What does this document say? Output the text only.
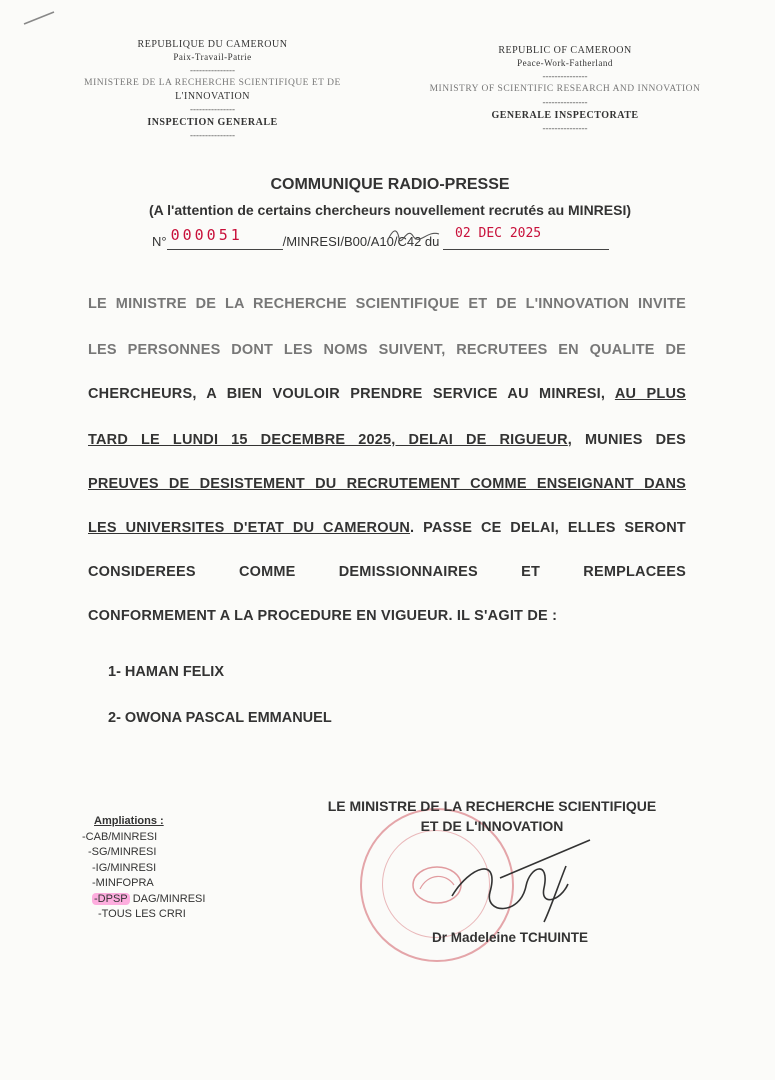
REPUBLIQUE DU CAMEROUN
Paix-Travail-Patrie
---------------
MINISTERE DE LA RECHERCHE SCIENTIFIQUE ET DE
L'INNOVATION
---------------
INSPECTION GENERALE
---------------
REPUBLIC OF CAMEROON
Peace-Work-Fatherland
---------------
MINISTRY OF SCIENTIFIC RESEARCH AND INNOVATION
---------------
GENERALE INSPECTORATE
---------------
COMMUNIQUE RADIO-PRESSE
(A l'attention de certains chercheurs nouvellement recrutés au MINRESI)
N° 000051	/MINRESI/B00/A10/C42 du
02 DEC 2025

LE MINISTRE DE LA RECHERCHE SCIENTIFIQUE ET DE L'INNOVATION INVITE
LES PERSONNES DONT LES NOMS SUIVENT, RECRUTEES EN QUALITE DE
CHERCHEURS, A BIEN VOULOIR PRENDRE SERVICE AU MINRESI, AU PLUS
TARD LE LUNDI 15 DECEMBRE 2025, DELAI DE RIGUEUR, MUNIES DES
PREUVES DE DESISTEMENT DU RECRUTEMENT COMME ENSEIGNANT DANS
LES UNIVERSITES D'ETAT DU CAMEROUN. PASSE CE DELAI, ELLES SERONT
CONSIDEREES COMME DEMISSIONNAIRES ET REMPLACEES
CONFORMEMENT A LA PROCEDURE EN VIGUEUR. IL S'AGIT DE :
1- HAMAN FELIX
2- OWONA PASCAL EMMANUEL
Ampliations :
-CAB/MINRESI
-SG/MINRESI
-IG/MINRESI
-MINFOPRA
-DPSP DAG/MINRESI
-TOUS LES CRRI
LE MINISTRE DE LA RECHERCHE SCIENTIFIQUE
ET DE L'INNOVATION
Dr Madeleine TCHUINTE
